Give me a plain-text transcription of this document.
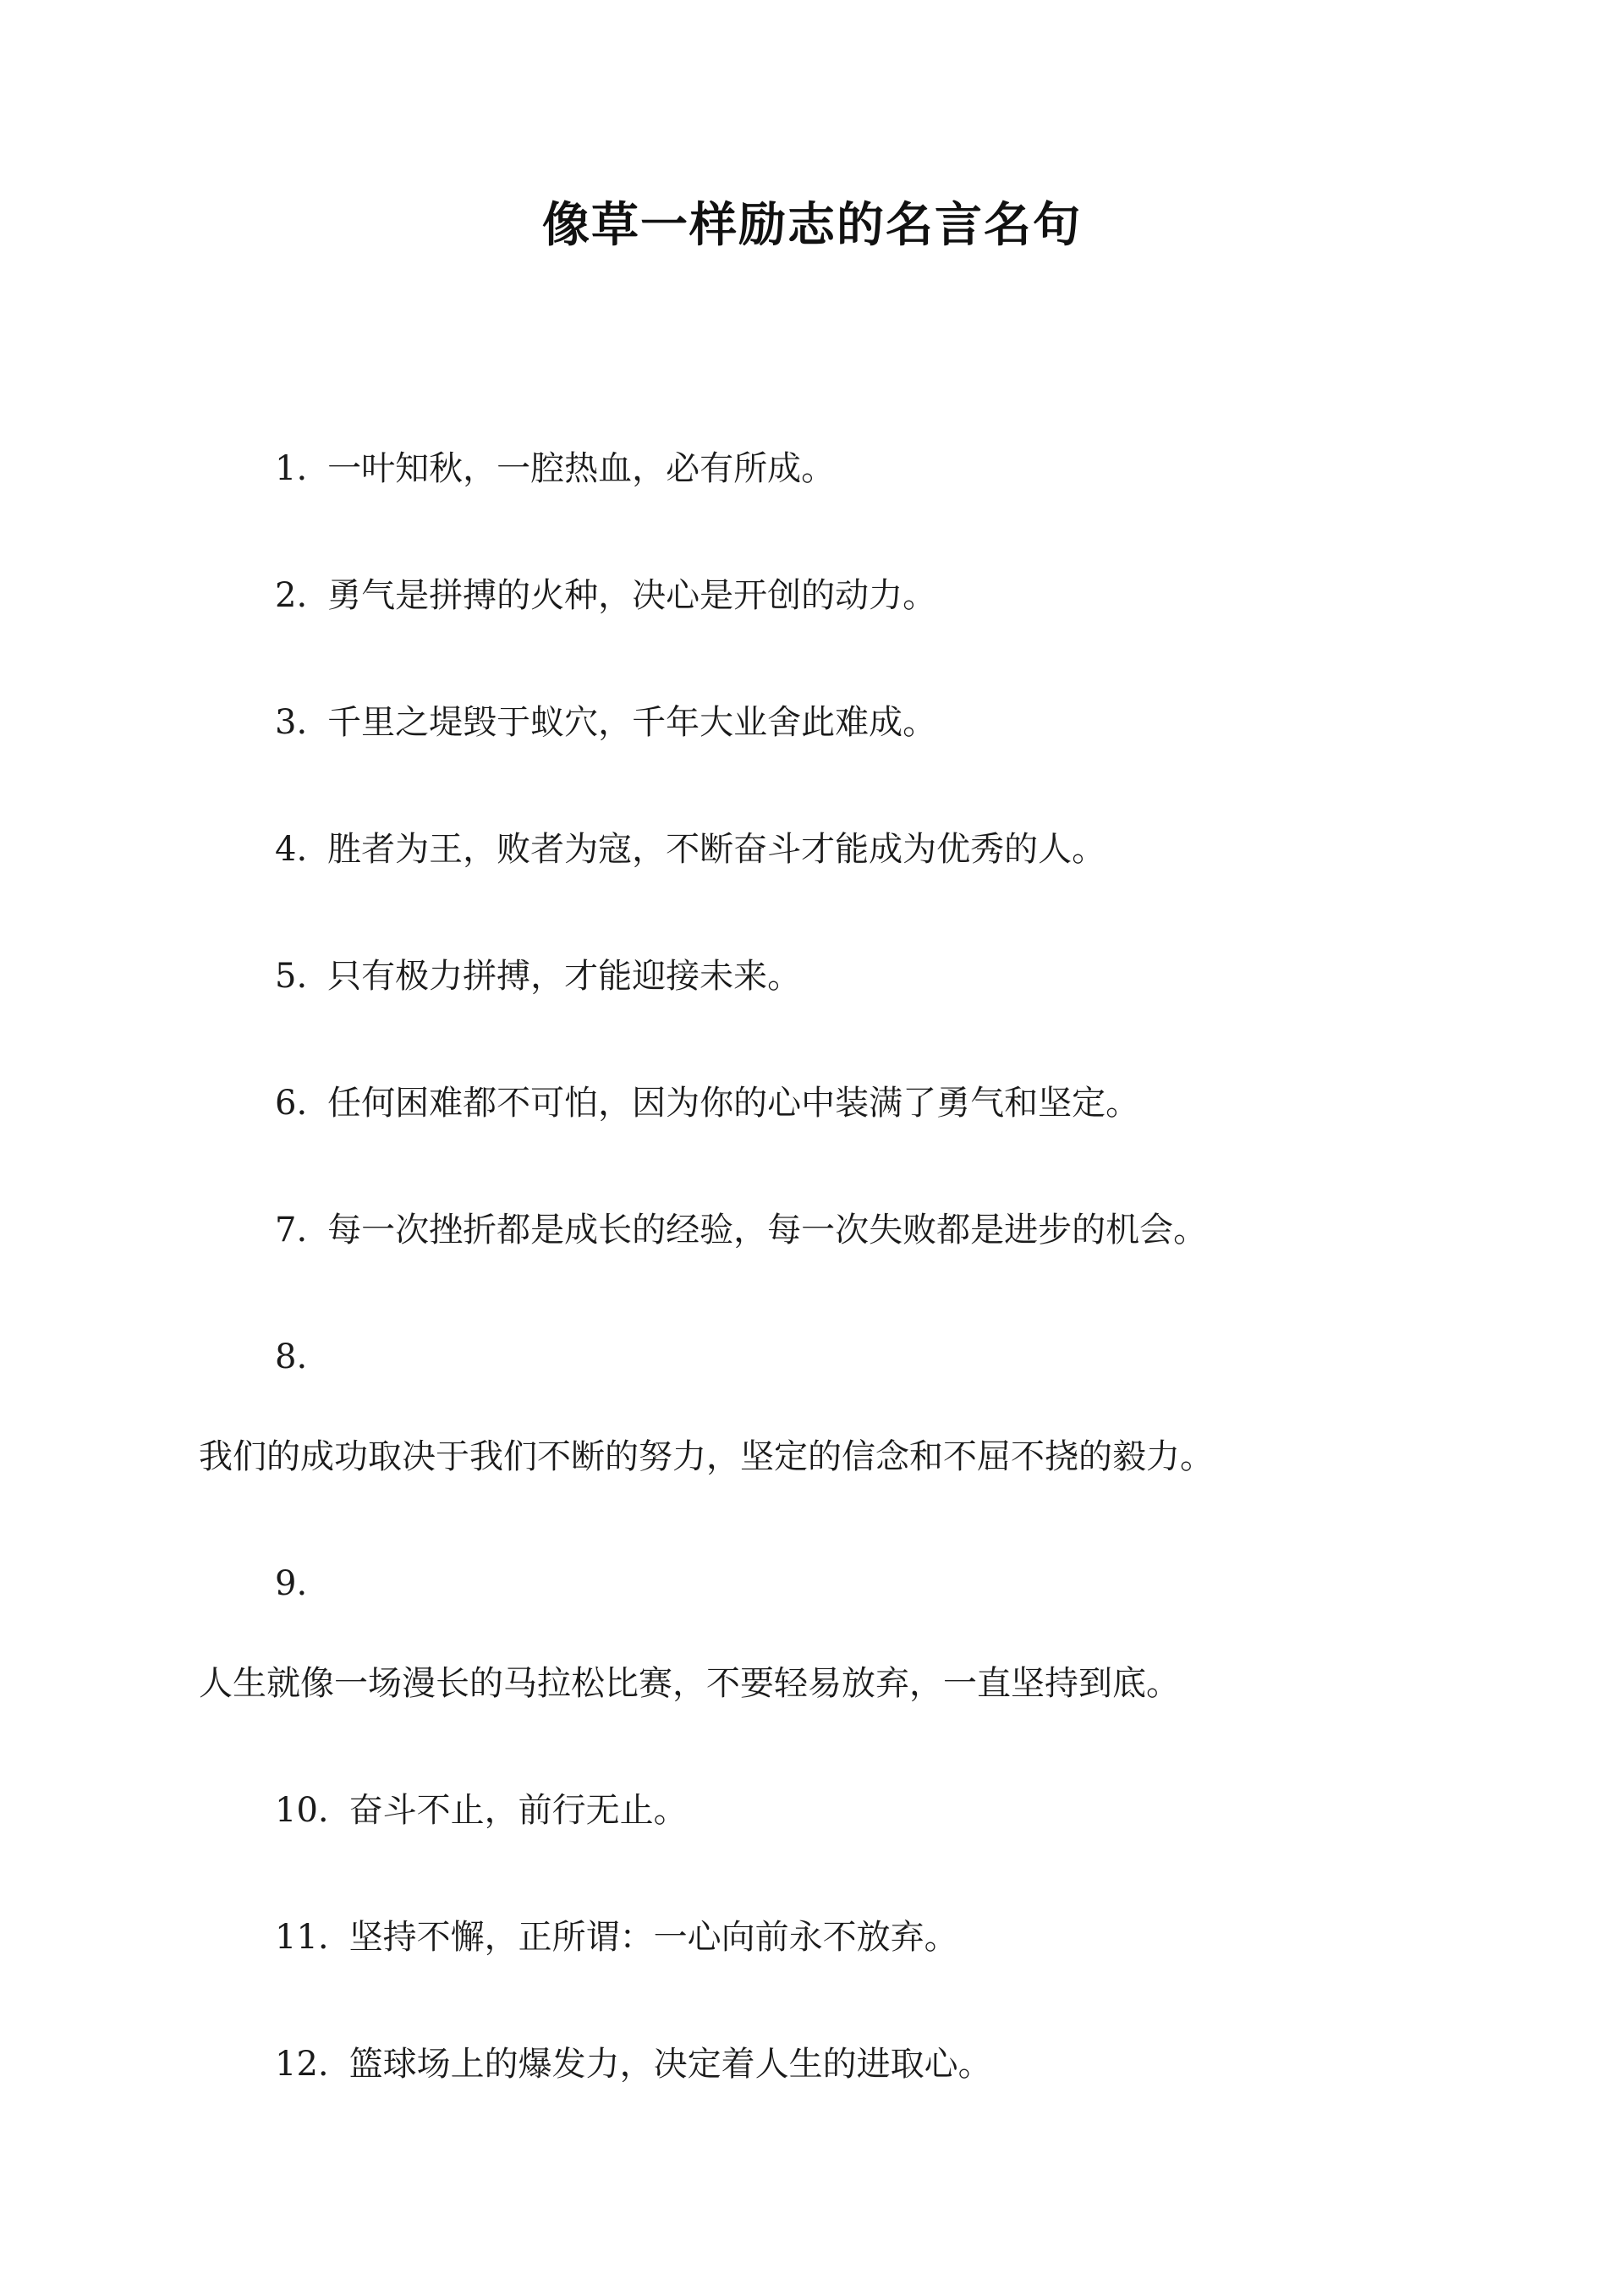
像草一样励志的名言名句
1. 一叶知秋，一腔热血，必有所成。
2. 勇气是拼搏的火种，决心是开创的动力。
3. 千里之堤毁于蚁穴，千年大业舍此难成。
4. 胜者为王，败者为寇，不断奋斗才能成为优秀的人。
5. 只有极力拼搏，才能迎接未来。
6. 任何困难都不可怕，因为你的心中装满了勇气和坚定。
7. 每一次挫折都是成长的经验，每一次失败都是进步的机会。
8.
我们的成功取决于我们不断的努力，坚定的信念和不屈不挠的毅力。
9.
人生就像一场漫长的马拉松比赛，不要轻易放弃，一直坚持到底。
10. 奋斗不止，前行无止。
11. 坚持不懈，正所谓：一心向前永不放弃。
12. 篮球场上的爆发力，决定着人生的进取心。
